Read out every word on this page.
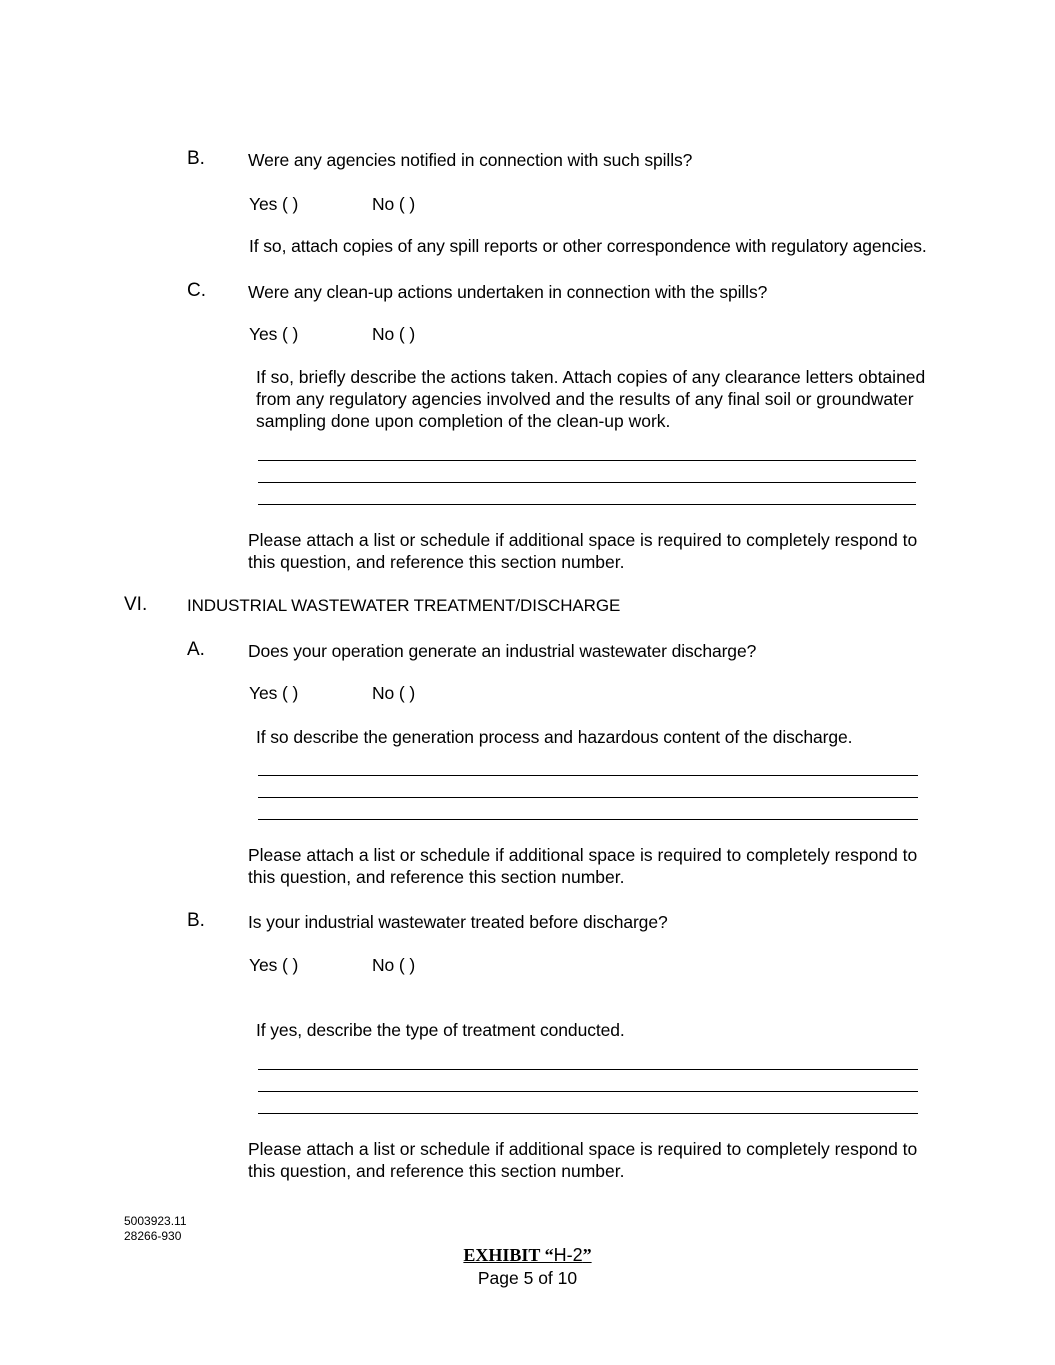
B. Were any agencies notified in connection with such spills?
Yes ( )	No ( )
If so, attach copies of any spill reports or other correspondence with regulatory agencies.
C. Were any clean-up actions undertaken in connection with the spills?
Yes ( )	No ( )
If so, briefly describe the actions taken. Attach copies of any clearance letters obtained from any regulatory agencies involved and the results of any final soil or groundwater sampling done upon completion of the clean-up work.
Please attach a list or schedule if additional space is required to completely respond to this question, and reference this section number.
VI. INDUSTRIAL WASTEWATER TREATMENT/DISCHARGE
A. Does your operation generate an industrial wastewater discharge?
Yes ( )	No ( )
If so describe the generation process and hazardous content of the discharge.
Please attach a list or schedule if additional space is required to completely respond to this question, and reference this section number.
B. Is your industrial wastewater treated before discharge?
Yes ( )	No ( )
If yes, describe the type of treatment conducted.
Please attach a list or schedule if additional space is required to completely respond to this question, and reference this section number.
5003923.11
28266-930
EXHIBIT “H-2”
Page 5 of 10
